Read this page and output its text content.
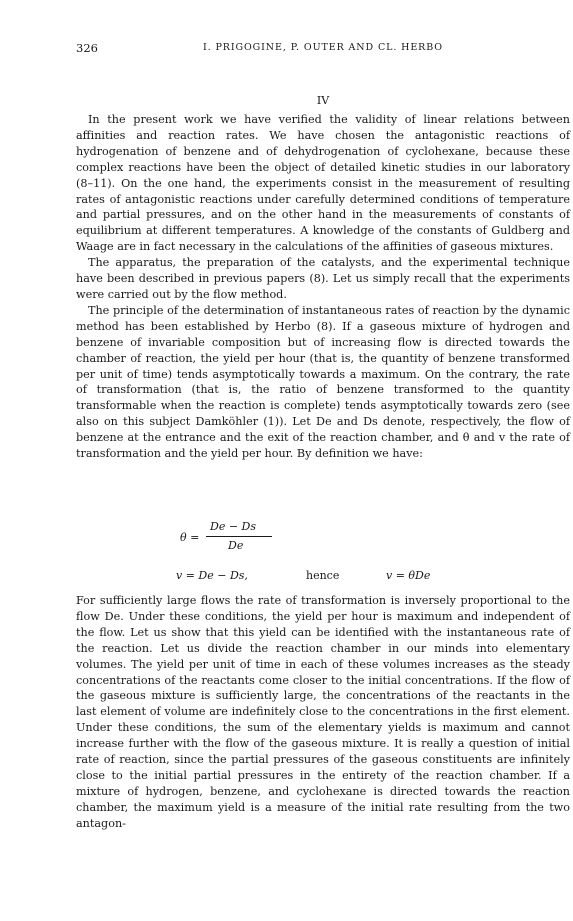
326	I. PRIGOGINE, P. OUTER AND CL. HERBO
IV

In the present work we have verified the validity of linear relations between affinities and reaction rates. We have chosen the antagonistic reactions of hydrogenation of benzene and of dehydrogenation of cyclohexane, because these complex reactions have been the object of detailed kinetic studies in our laboratory (8–11). On the one hand, the experiments consist in the measurement of resulting rates of antagonistic reactions under carefully determined conditions of temperature and partial pressures, and on the other hand in the measurements of constants of equilibrium at different temperatures. A knowledge of the constants of Guldberg and Waage are in fact necessary in the calculations of the affinities of gaseous mixtures.

The apparatus, the preparation of the catalysts, and the experimental technique have been described in previous papers (8). Let us simply recall that the experiments were carried out by the flow method.

The principle of the determination of instantaneous rates of reaction by the dynamic method has been established by Herbo (8). If a gaseous mixture of hydrogen and benzene of invariable composition but of increasing flow is directed towards the chamber of reaction, the yield per hour (that is, the quantity of benzene transformed per unit of time) tends asymptotically towards a maximum. On the contrary, the rate of transformation (that is, the ratio of benzene transformed to the quantity transformable when the reaction is complete) tends asymptotically towards zero (see also on this subject Damköhler (1)). Let De and Ds denote, respectively, the flow of benzene at the entrance and the exit of the reaction chamber, and θ and v the rate of transformation and the yield per hour. By definition we have:

θ =
De − Ds
De
v = De − Ds,	hence	v = θDe

For sufficiently large flows the rate of transformation is inversely proportional to the flow De. Under these conditions, the yield per hour is maximum and independent of the flow. Let us show that this yield can be identified with the instantaneous rate of the reaction. Let us divide the reaction chamber in our minds into elementary volumes. The yield per unit of time in each of these volumes increases as the steady concentrations of the reactants come closer to the initial concentrations. If the flow of the gaseous mixture is sufficiently large, the concentrations of the reactants in the last element of volume are indefinitely close to the concentrations in the first element. Under these conditions, the sum of the elementary yields is maximum and cannot increase further with the flow of the gaseous mixture. It is really a question of initial rate of reaction, since the partial pressures of the gaseous constituents are infinitely close to the initial partial pressures in the entirety of the reaction chamber. If a mixture of hydrogen, benzene, and cyclohexane is directed towards the reaction chamber, the maximum yield is a measure of the initial rate resulting from the two antagon-
